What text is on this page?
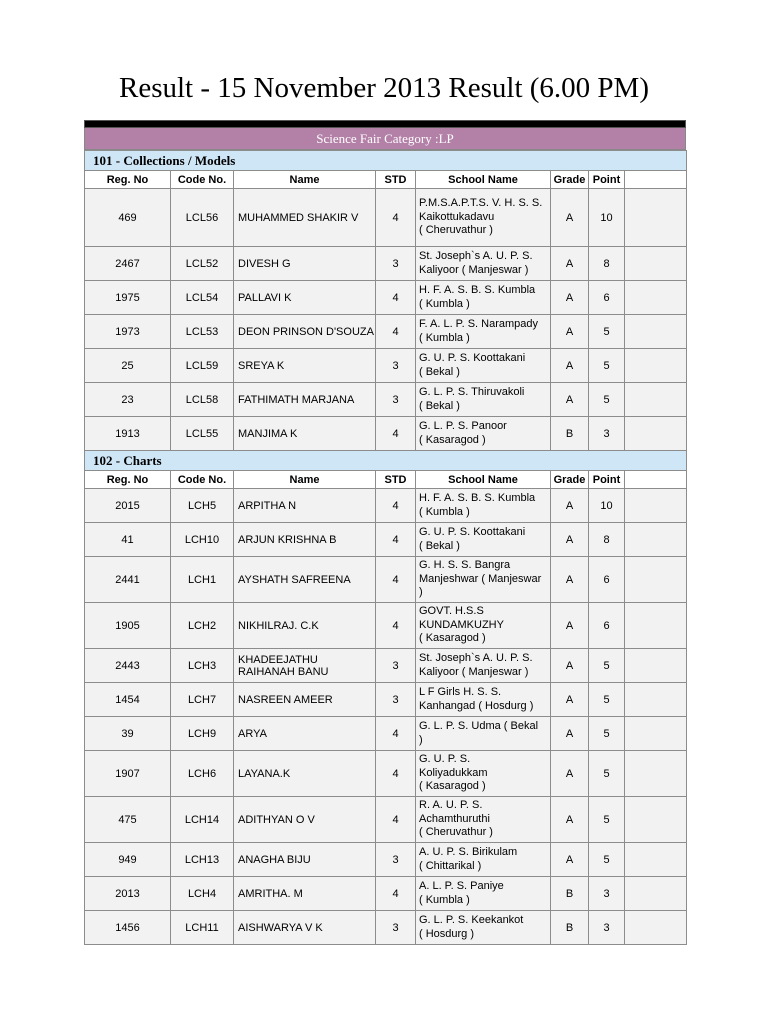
Result - 15 November 2013 Result (6.00 PM)
Science Fair Category :LP
101 - Collections / Models							
Reg. No	Code No.	Name	STD	School Name	Grade	Point	
469	LCL56	MUHAMMED SHAKIR V	4	P.M.S.A.P.T.S. V. H. S. S.
Kaikottukadavu
( Cheruvathur )	A	10	
2467	LCL52	DIVESH G	3	St. Joseph`s A. U. P. S.
Kaliyoor ( Manjeswar )	A	8	
1975	LCL54	PALLAVI K	4	H. F. A. S. B. S. Kumbla
( Kumbla )	A	6	
1973	LCL53	DEON PRINSON D'SOUZA	4	F. A. L. P. S. Narampady
( Kumbla )	A	5	
25	LCL59	SREYA K	3	G. U. P. S. Koottakani
( Bekal )	A	5	
23	LCL58	FATHIMATH MARJANA	3	G. L. P. S. Thiruvakoli
( Bekal )	A	5	
1913	LCL55	MANJIMA K	4	G. L. P. S. Panoor
( Kasaragod )	B	3	
102 - Charts							
Reg. No	Code No.	Name	STD	School Name	Grade	Point	
2015	LCH5	ARPITHA N	4	H. F. A. S. B. S. Kumbla
( Kumbla )	A	10	
41	LCH10	ARJUN KRISHNA B	4	G. U. P. S. Koottakani
( Bekal )	A	8	
2441	LCH1	AYSHATH SAFREENA	4	G. H. S. S. Bangra
Manjeshwar ( Manjeswar
)	A	6	
1905	LCH2	NIKHILRAJ. C.K	4	GOVT. H.S.S
KUNDAMKUZHY
( Kasaragod )	A	6	
2443	LCH3	KHADEEJATHU RAIHANAH BANU	3	St. Joseph`s A. U. P. S.
Kaliyoor ( Manjeswar )	A	5	
1454	LCH7	NASREEN AMEER	3	L F Girls H. S. S.
Kanhangad ( Hosdurg )	A	5	
39	LCH9	ARYA	4	G. L. P. S. Udma ( Bekal
)	A	5	
1907	LCH6	LAYANA.K	4	G. U. P. S.
Koliyadukkam
( Kasaragod )	A	5	
475	LCH14	ADITHYAN O V	4	R. A. U. P. S.
Achamthuruthi
( Cheruvathur )	A	5	
949	LCH13	ANAGHA BIJU	3	A. U. P. S. Birikulam
( Chittarikal )	A	5	
2013	LCH4	AMRITHA. M	4	A. L. P. S. Paniye
( Kumbla )	B	3	
1456	LCH11	AISHWARYA V K	3	G. L. P. S. Keekankot
( Hosdurg )	B	3	
